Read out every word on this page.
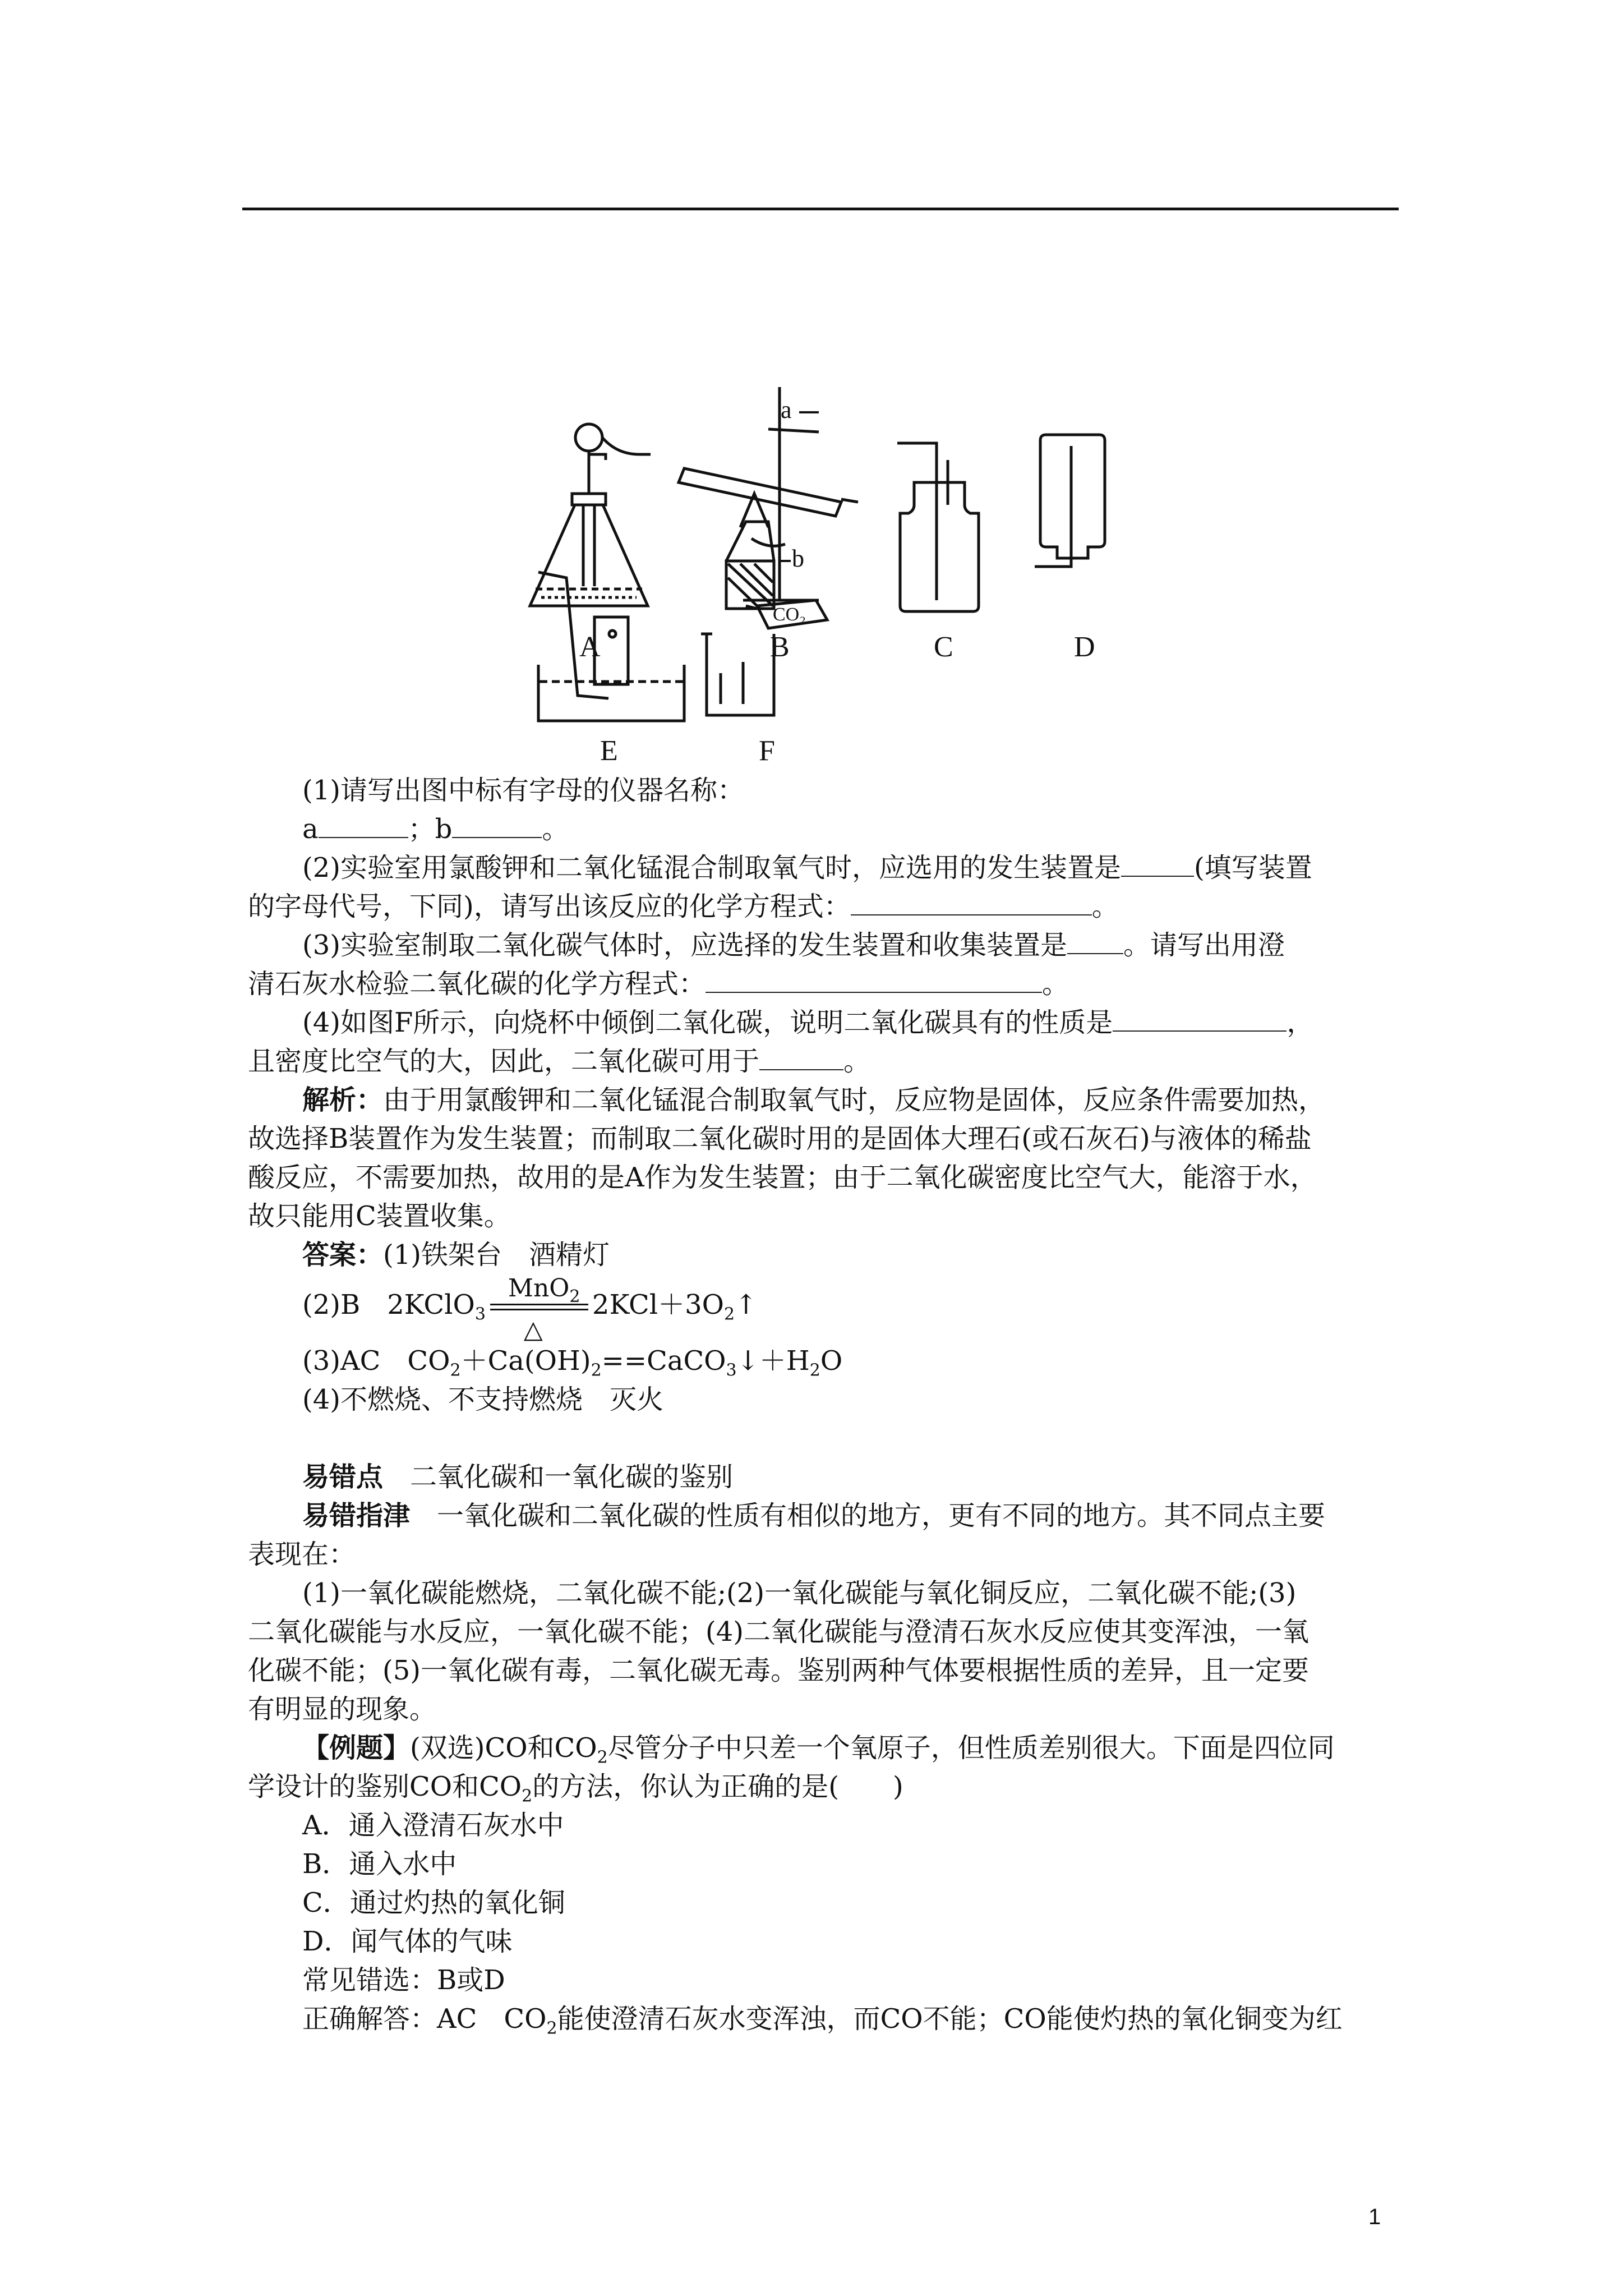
A	B	C	D
a
b
E	F
CO₂
(1)请写出图中标有字母的仪器名称：
a	；b	。
(2)实验室用氯酸钾和二氧化锰混合制取氧气时，应选用的发生装置是	(填写装置
的字母代号，下同)，请写出该反应的化学方程式：	。
(3)实验室制取二氧化碳气体时，应选择的发生装置和收集装置是 。请写出用澄
清石灰水检验二氧化碳的化学方程式：	。
(4)如图F所示，向烧杯中倾倒二氧化碳，说明二氧化碳具有的性质是	，
且密度比空气的大，因此，二氧化碳可用于	。
解析：由于用氯酸钾和二氧化锰混合制取氧气时，反应物是固体，反应条件需要加热，
故选择B装置作为发生装置；而制取二氧化碳时用的是固体大理石(或石灰石)与液体的稀盐
酸反应，不需要加热，故用的是A作为发生装置；由于二氧化碳密度比空气大，能溶于水，
故只能用C装置收集。
答案：(1)铁架台　酒精灯
(2)B　2KClO$_3$
MnO$_2$
△
$2KCl+3O_2↑$
(3)AC　$CO_2+Ca(OH)_2==CaCO_3↓+H_2O$
(4)不燃烧、不支持燃烧　灭火
易错点　二氧化碳和一氧化碳的鉴别
易错指津　一氧化碳和二氧化碳的性质有相似的地方，更有不同的地方。其不同点主要
表现在：
(1)一氧化碳能燃烧，二氧化碳不能;(2)一氧化碳能与氧化铜反应，二氧化碳不能;(3)
二氧化碳能与水反应，一氧化碳不能；(4)二氧化碳能与澄清石灰水反应使其变浑浊，一氧
化碳不能；(5)一氧化碳有毒，二氧化碳无毒。鉴别两种气体要根据性质的差异，且一定要
有明显的现象。
【例题】(双选)CO和$CO_2$尽管分子中只差一个氧原子，但性质差别很大。下面是四位同
学设计的鉴别CO和$CO_2$的方法，你认为正确的是(　　)
A．通入澄清石灰水中
B．通入水中
C．通过灼热的氧化铜
D．闻气体的气味
常见错选：B或D
正确解答：AC　$CO_2$能使澄清石灰水变浑浊，而CO不能；CO能使灼热的氧化铜变为红
1
